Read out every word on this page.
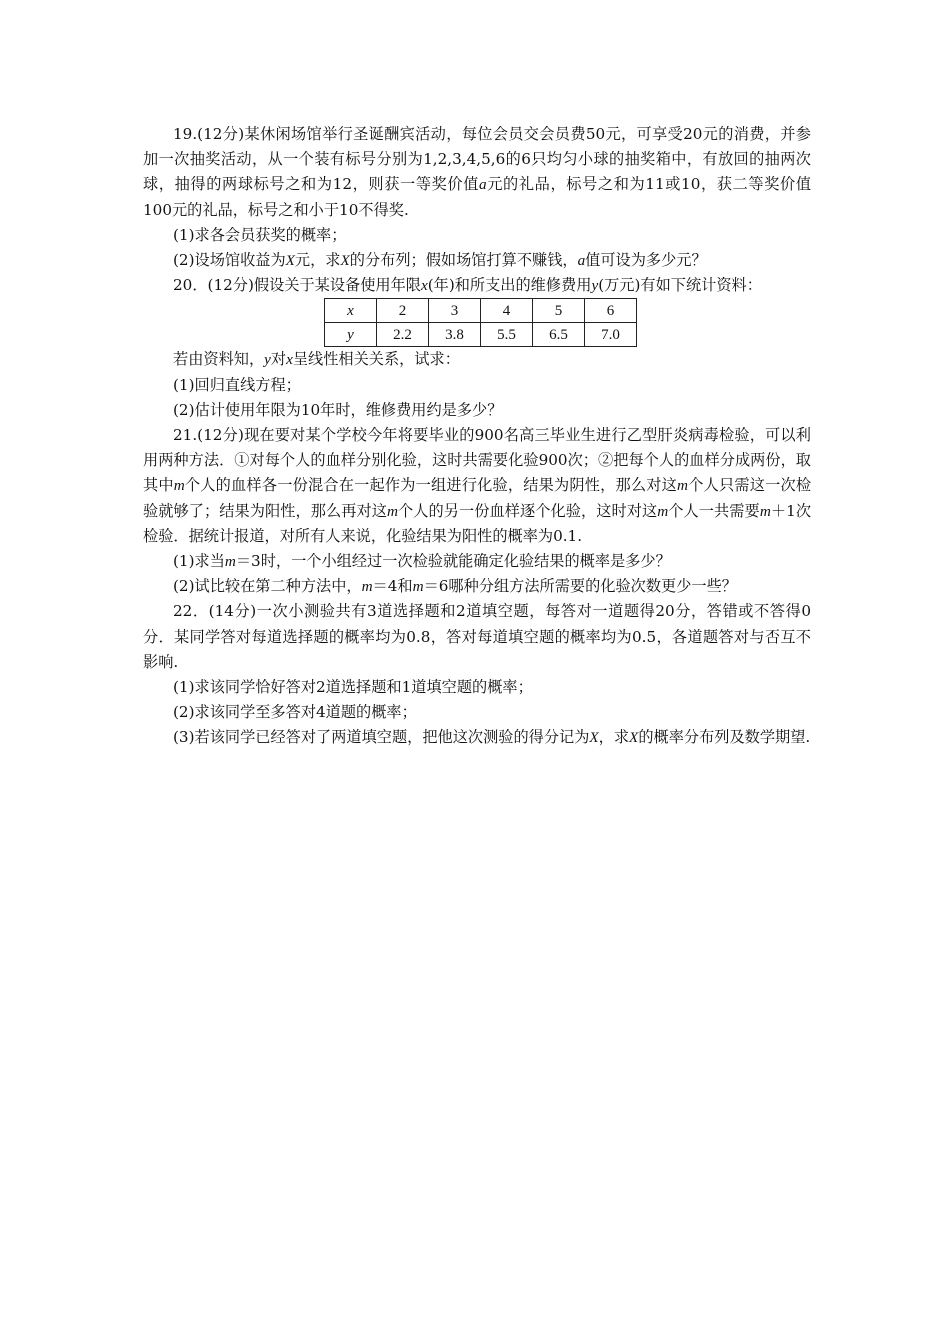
19.(12分)某休闲场馆举行圣诞酬宾活动，每位会员交会员费50元，可享受20元的消费，并参加一次抽奖活动，从一个装有标号分别为1,2,3,4,5,6的6只均匀小球的抽奖箱中，有放回的抽两次球，抽得的两球标号之和为12，则获一等奖价值a元的礼品，标号之和为11或10，获二等奖价值100元的礼品，标号之和小于10不得奖.

(1)求各会员获奖的概率；

(2)设场馆收益为X元，求X的分布列；假如场馆打算不赚钱，a值可设为多少元？

20．(12分)假设关于某设备使用年限x(年)和所支出的维修费用y(万元)有如下统计资料：

x	2	3	4	5	6
y	2.2	3.8	5.5	6.5	7.0

若由资料知，y对x呈线性相关关系，试求：

(1)回归直线方程；

(2)估计使用年限为10年时，维修费用约是多少？

21.(12分)现在要对某个学校今年将要毕业的900名高三毕业生进行乙型肝炎病毒检验，可以利用两种方法．①对每个人的血样分别化验，这时共需要化验900次；②把每个人的血样分成两份，取其中m个人的血样各一份混合在一起作为一组进行化验，结果为阴性，那么对这m个人只需这一次检验就够了；结果为阳性，那么再对这m个人的另一份血样逐个化验，这时对这m个人一共需要m＋1次检验．据统计报道，对所有人来说，化验结果为阳性的概率为0.1.

(1)求当m＝3时，一个小组经过一次检验就能确定化验结果的概率是多少？

(2)试比较在第二种方法中，m＝4和m＝6哪种分组方法所需要的化验次数更少一些？

22．(14分)一次小测验共有3道选择题和2道填空题，每答对一道题得20分，答错或不答得0分．某同学答对每道选择题的概率均为0.8，答对每道填空题的概率均为0.5，各道题答对与否互不影响.

(1)求该同学恰好答对2道选择题和1道填空题的概率；

(2)求该同学至多答对4道题的概率；

(3)若该同学已经答对了两道填空题，把他这次测验的得分记为X，求X的概率分布列及数学期望.
